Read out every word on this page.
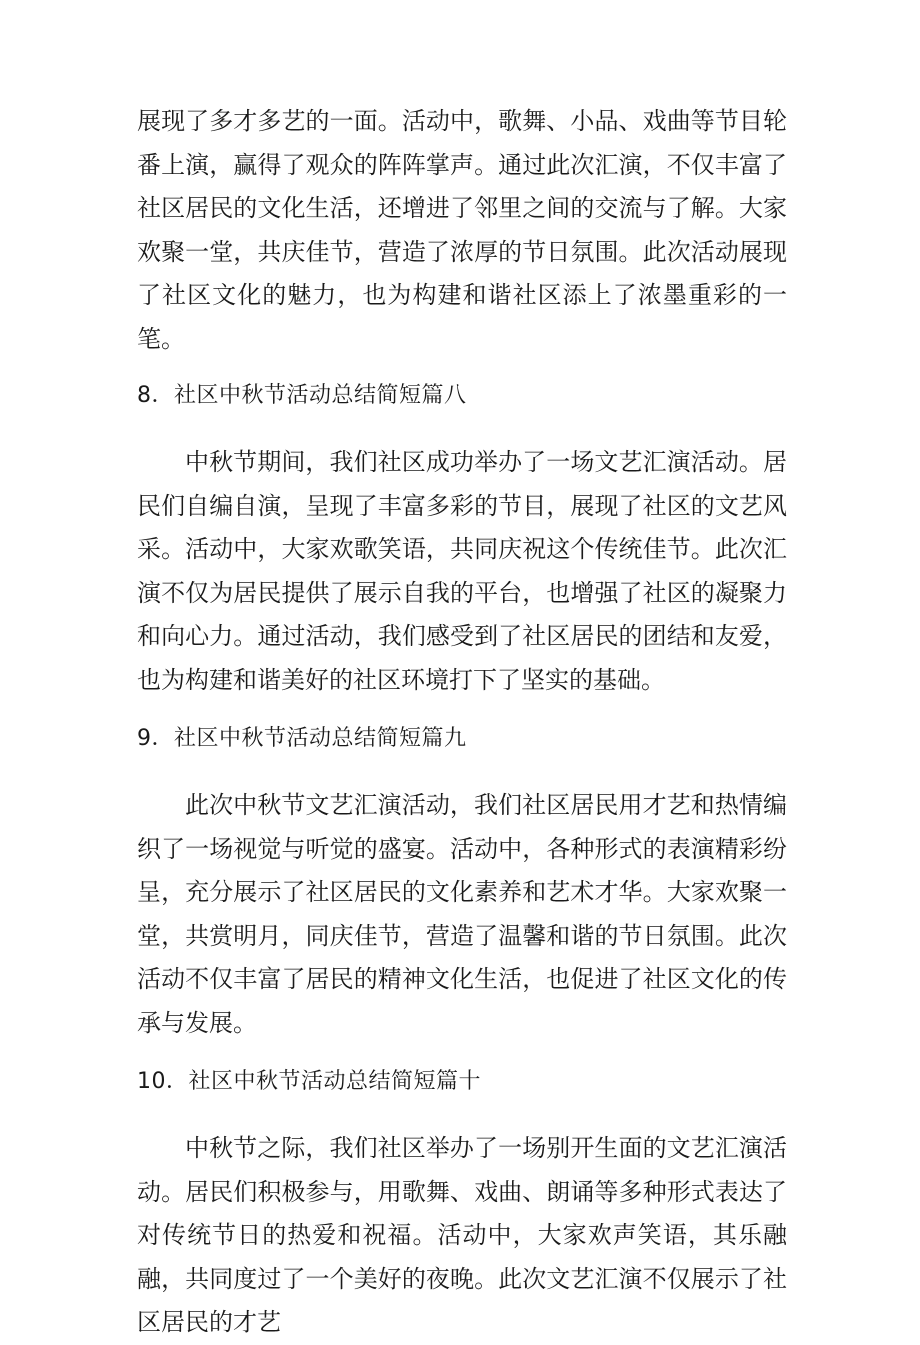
展现了多才多艺的一面。活动中，歌舞、小品、戏曲等节目轮番上演，赢得了观众的阵阵掌声。通过此次汇演，不仅丰富了社区居民的文化生活，还增进了邻里之间的交流与了解。大家欢聚一堂，共庆佳节，营造了浓厚的节日氛围。此次活动展现了社区文化的魅力，也为构建和谐社区添上了浓墨重彩的一笔。

8．社区中秋节活动总结简短篇八

中秋节期间，我们社区成功举办了一场文艺汇演活动。居民们自编自演，呈现了丰富多彩的节目，展现了社区的文艺风采。活动中，大家欢歌笑语，共同庆祝这个传统佳节。此次汇演不仅为居民提供了展示自我的平台，也增强了社区的凝聚力和向心力。通过活动，我们感受到了社区居民的团结和友爱，也为构建和谐美好的社区环境打下了坚实的基础。

9．社区中秋节活动总结简短篇九

此次中秋节文艺汇演活动，我们社区居民用才艺和热情编织了一场视觉与听觉的盛宴。活动中，各种形式的表演精彩纷呈，充分展示了社区居民的文化素养和艺术才华。大家欢聚一堂，共赏明月，同庆佳节，营造了温馨和谐的节日氛围。此次活动不仅丰富了居民的精神文化生活，也促进了社区文化的传承与发展。

10．社区中秋节活动总结简短篇十

中秋节之际，我们社区举办了一场别开生面的文艺汇演活动。居民们积极参与，用歌舞、戏曲、朗诵等多种形式表达了对传统节日的热爱和祝福。活动中，大家欢声笑语，其乐融融，共同度过了一个美好的夜晚。此次文艺汇演不仅展示了社区居民的才艺
